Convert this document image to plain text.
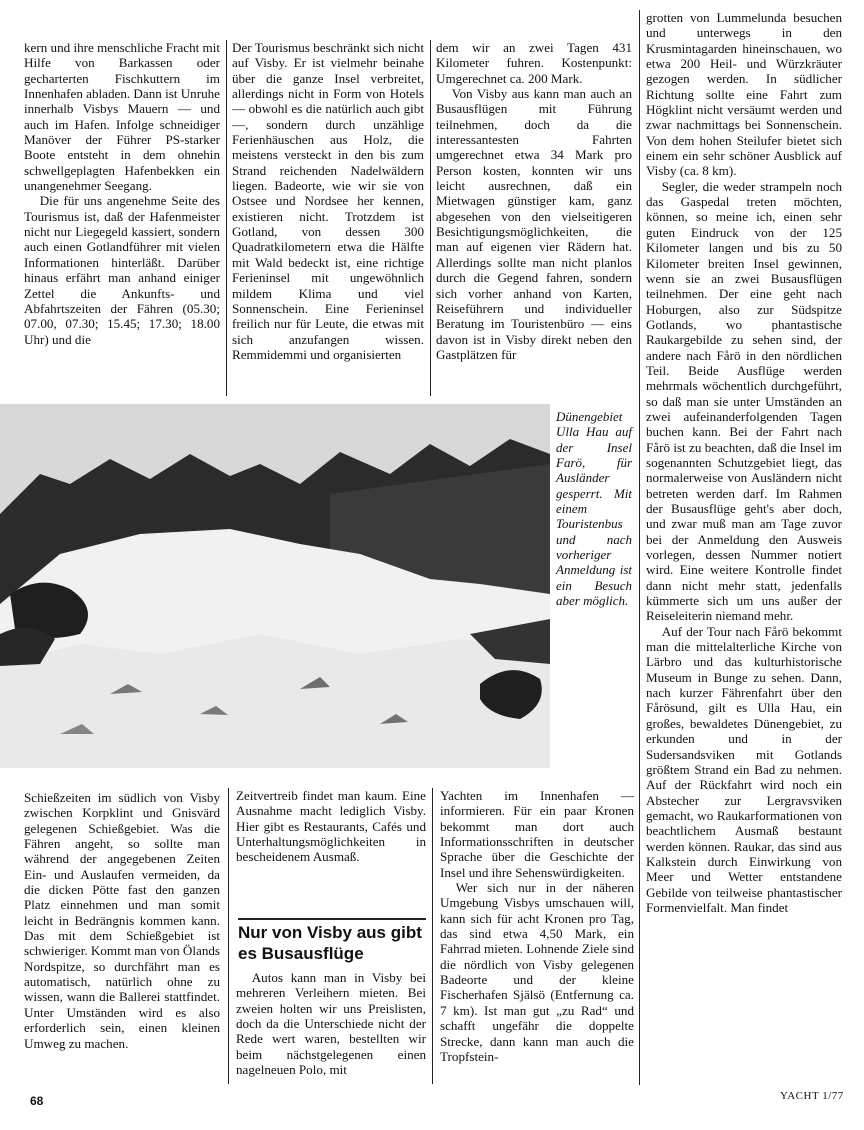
kern und ihre menschliche Fracht mit Hilfe von Barkassen oder gecharterten Fischkuttern im Innenhafen abladen. Dann ist Unruhe innerhalb Visbys Mauern — und auch im Hafen. Infolge schneidiger Manöver der Führer PS-starker Boote entsteht in dem ohnehin schwellgeplagten Hafenbekken ein unangenehmer Seegang.

Die für uns angenehme Seite des Tourismus ist, daß der Hafenmeister nicht nur Liegegeld kassiert, sondern auch einen Gotlandführer mit vielen Informationen hinterläßt. Darüber hinaus erfährt man anhand einiger Zettel die Ankunfts- und Abfahrtszeiten der Fähren (05.30; 07.00, 07.30; 15.45; 17.30; 18.00 Uhr) und die

Der Tourismus beschränkt sich nicht auf Visby. Er ist vielmehr beinahe über die ganze Insel verbreitet, allerdings nicht in Form von Hotels — obwohl es die natürlich auch gibt —, sondern durch unzählige Ferienhäuschen aus Holz, die meistens versteckt in den bis zum Strand reichenden Nadelwäldern liegen. Badeorte, wie wir sie von Ostsee und Nordsee her kennen, existieren nicht. Trotzdem ist Gotland, von dessen 300 Quadratkilometern etwa die Hälfte mit Wald bedeckt ist, eine richtige Ferieninsel mit ungewöhnlich mildem Klima und viel Sonnenschein. Eine Ferieninsel freilich nur für Leute, die etwas mit sich anzufangen wissen. Remmidemmi und organisierten

dem wir an zwei Tagen 431 Kilometer fuhren. Kostenpunkt: Umgerechnet ca. 200 Mark.

Von Visby aus kann man auch an Busausflügen mit Führung teilnehmen, doch da die interessantesten Fahrten umgerechnet etwa 34 Mark pro Person kosten, konnten wir uns leicht ausrechnen, daß ein Mietwagen günstiger kam, ganz abgesehen von den vielseitigeren Besichtigungsmöglichkeiten, die man auf eigenen vier Rädern hat. Allerdings sollte man nicht planlos durch die Gegend fahren, sondern sich vorher anhand von Karten, Reiseführern und individueller Beratung im Touristenbüro — eins davon ist in Visby direkt neben den Gastplätzen für

grotten von Lummelunda besuchen und unterwegs in den Krusmintagarden hineinschauen, wo etwa 200 Heil- und Würzkräuter gezogen werden. In südlicher Richtung sollte eine Fahrt zum Högklint nicht versäumt werden und zwar nachmittags bei Sonnenschein. Von dem hohen Steilufer bietet sich einem ein sehr schöner Ausblick auf Visby (ca. 8 km).

Segler, die weder strampeln noch das Gaspedal treten möchten, können, so meine ich, einen sehr guten Eindruck von der 125 Kilometer langen und bis zu 50 Kilometer breiten Insel gewinnen, wenn sie an zwei Busausflügen teilnehmen. Der eine geht nach Hoburgen, also zur Südspitze Gotlands, wo phantastische Raukargebilde zu sehen sind, der andere nach Fårö in den nördlichen Teil. Beide Ausflüge werden mehrmals wöchentlich durchgeführt, so daß man sie unter Umständen an zwei aufeinanderfolgenden Tagen buchen kann. Bei der Fahrt nach Fårö ist zu beachten, daß die Insel im sogenannten Schutzgebiet liegt, das normalerweise von Ausländern nicht betreten werden darf. Im Rahmen der Busausflüge geht's aber doch, und zwar muß man am Tage zuvor bei der Anmeldung den Ausweis vorlegen, dessen Nummer notiert wird. Eine weitere Kontrolle findet dann nicht mehr statt, jedenfalls kümmerte sich um uns außer der Reiseleiterin niemand mehr.

Auf der Tour nach Fårö bekommt man die mittelalterliche Kirche von Lärbro und das kulturhistorische Museum in Bunge zu sehen. Dann, nach kurzer Fährenfahrt über den Fårösund, gilt es Ulla Hau, ein großes, bewaldetes Dünengebiet, zu erkunden und in der Sudersandsviken mit Gotlands größtem Strand ein Bad zu nehmen. Auf der Rückfahrt wird noch ein Abstecher zur Lergravsviken gemacht, wo Raukarformationen von beachtlichem Ausmaß bestaunt werden können. Raukar, das sind aus Kalkstein durch Einwirkung von Meer und Wetter entstandene Gebilde von teilweise phantastischer Formenvielfalt. Man findet

Dünengebiet Ulla Hau auf der Insel Farö, für Ausländer gesperrt. Mit einem Touristenbus und nach vorheriger Anmeldung ist ein Besuch aber möglich.

Schießzeiten im südlich von Visby zwischen Korpklint und Gnisvärd gelegenen Schießgebiet. Was die Fähren angeht, so sollte man während der angegebenen Zeiten Ein- und Auslaufen vermeiden, da die dicken Pötte fast den ganzen Platz einnehmen und man somit leicht in Bedrängnis kommen kann. Das mit dem Schießgebiet ist schwieriger. Kommt man von Ölands Nordspitze, so durchfährt man es automatisch, natürlich ohne zu wissen, wann die Ballerei stattfindet. Unter Umständen wird es also erforderlich sein, einen kleinen Umweg zu machen.

Zeitvertreib findet man kaum. Eine Ausnahme macht lediglich Visby. Hier gibt es Restaurants, Cafés und Unterhaltungsmöglichkeiten in bescheidenem Ausmaß.

Nur von Visby aus gibt es Busausflüge

Autos kann man in Visby bei mehreren Verleihern mieten. Bei zweien holten wir uns Preislisten, doch da die Unterschiede nicht der Rede wert waren, bestellten wir beim nächstgelegenen einen nagelneuen Polo, mit

Yachten im Innenhafen — informieren. Für ein paar Kronen bekommt man dort auch Informationsschriften in deutscher Sprache über die Geschichte der Insel und ihre Sehenswürdigkeiten.

Wer sich nur in der näheren Umgebung Visbys umschauen will, kann sich für acht Kronen pro Tag, das sind etwa 4,50 Mark, ein Fahrrad mieten. Lohnende Ziele sind die nördlich von Visby gelegenen Badeorte und der kleine Fischerhafen Själsö (Entfernung ca. 7 km). Ist man gut „zu Rad“ und schafft ungefähr die doppelte Strecke, dann kann man auch die Tropfstein-

68	YACHT 1/77
